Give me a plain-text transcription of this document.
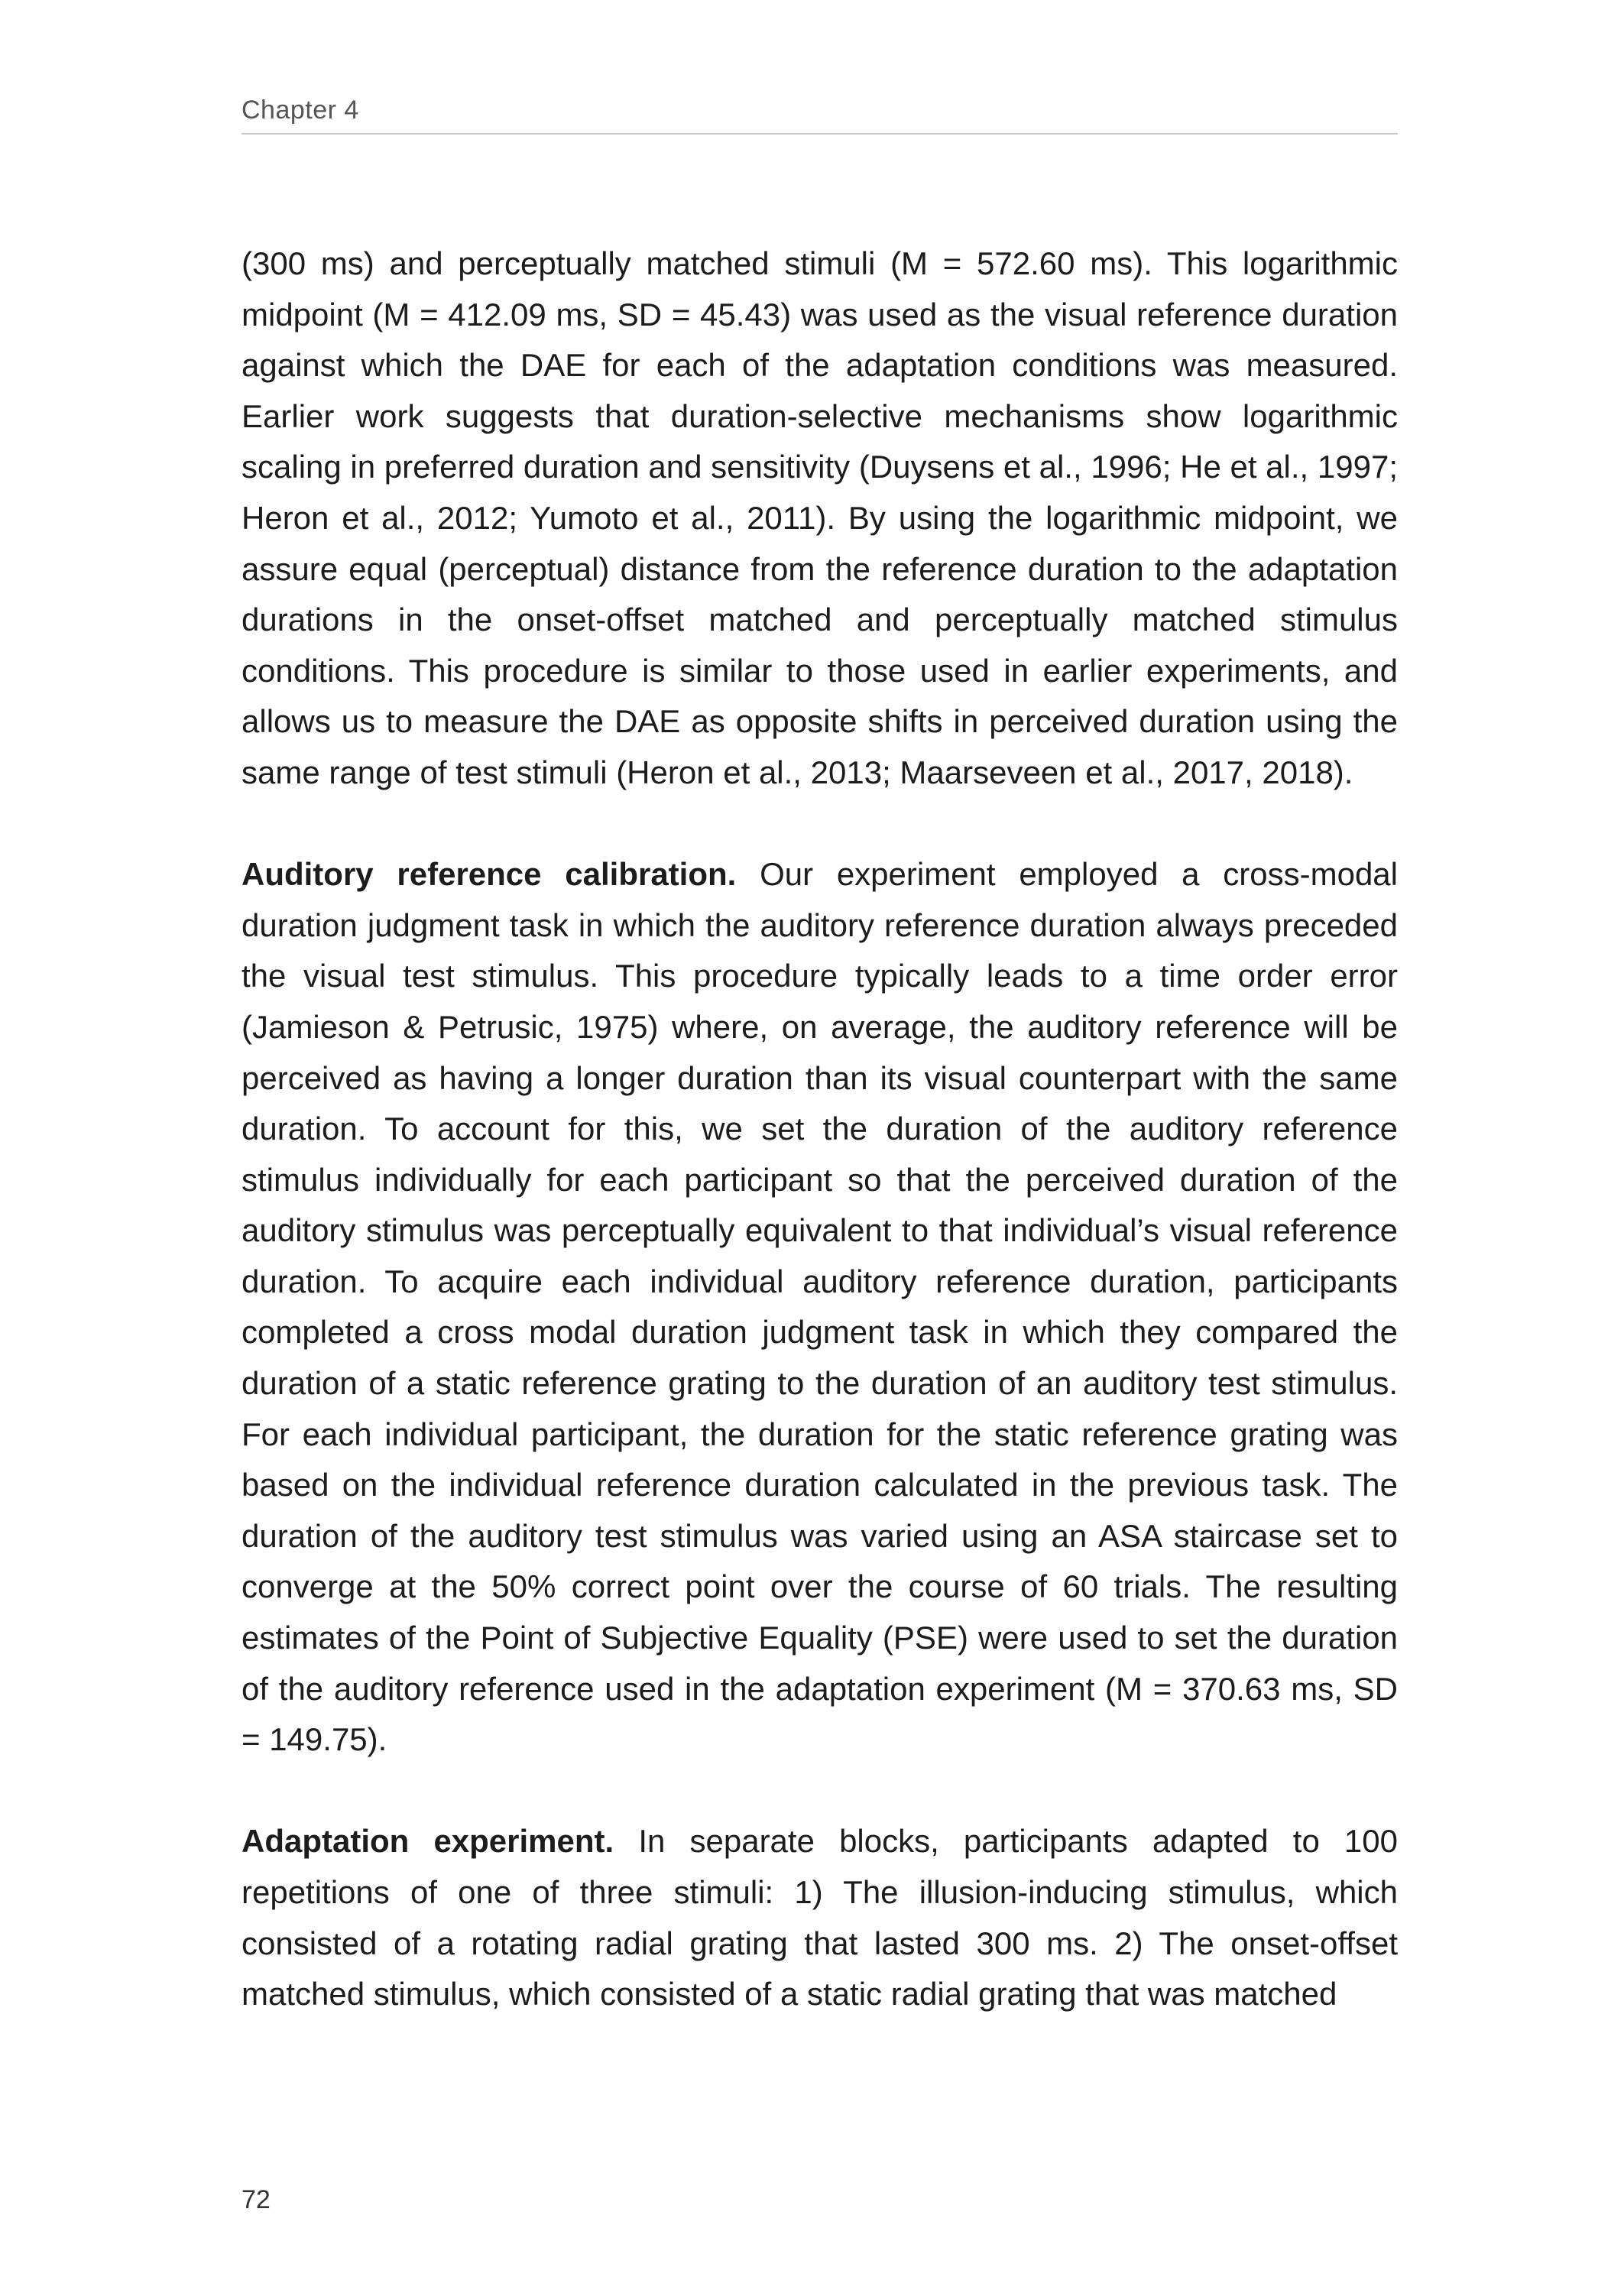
Chapter 4

(300 ms) and perceptually matched stimuli (M = 572.60 ms). This logarithmic midpoint (M = 412.09 ms, SD = 45.43) was used as the visual reference duration against which the DAE for each of the adaptation conditions was measured. Earlier work suggests that duration-selective mechanisms show logarithmic scaling in preferred duration and sensitivity (Duysens et al., 1996; He et al., 1997; Heron et al., 2012; Yumoto et al., 2011). By using the logarithmic midpoint, we assure equal (perceptual) distance from the reference duration to the adaptation durations in the onset-offset matched and perceptually matched stimulus conditions. This procedure is similar to those used in earlier experiments, and allows us to measure the DAE as opposite shifts in perceived duration using the same range of test stimuli (Heron et al., 2013; Maarseveen et al., 2017, 2018).

Auditory reference calibration. Our experiment employed a cross-modal duration judgment task in which the auditory reference duration always preceded the visual test stimulus. This procedure typically leads to a time order error (Jamieson & Petrusic, 1975) where, on average, the auditory reference will be perceived as having a longer duration than its visual counterpart with the same duration. To account for this, we set the duration of the auditory reference stimulus individually for each participant so that the perceived duration of the auditory stimulus was perceptually equivalent to that individual’s visual reference duration. To acquire each individual auditory reference duration, participants completed a cross modal duration judgment task in which they compared the duration of a static reference grating to the duration of an auditory test stimulus. For each individual participant, the duration for the static reference grating was based on the individual reference duration calculated in the previous task. The duration of the auditory test stimulus was varied using an ASA staircase set to converge at the 50% correct point over the course of 60 trials. The resulting estimates of the Point of Subjective Equality (PSE) were used to set the duration of the auditory reference used in the adaptation experiment (M = 370.63 ms, SD = 149.75).

Adaptation experiment. In separate blocks, participants adapted to 100 repetitions of one of three stimuli: 1) The illusion-inducing stimulus, which consisted of a rotating radial grating that lasted 300 ms. 2) The onset-offset matched stimulus, which consisted of a static radial grating that was matched

72
